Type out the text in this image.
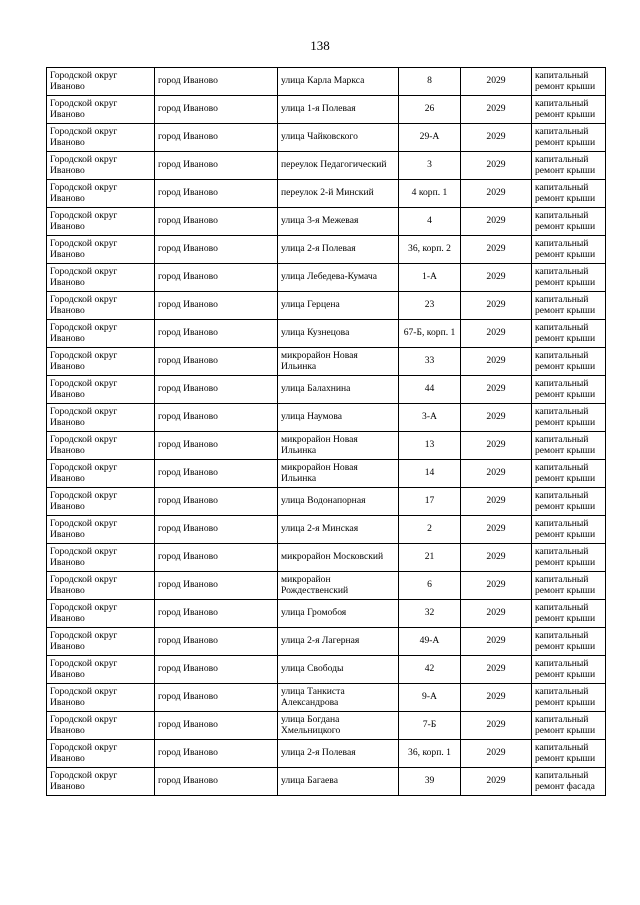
138
Городской округ Иваново	город Иваново	улица Карла Маркса	8	2029	капитальный ремонт крыши
Городской округ Иваново	город Иваново	улица 1-я Полевая	26	2029	капитальный ремонт крыши
Городской округ Иваново	город Иваново	улица Чайковского	29-А	2029	капитальный ремонт крыши
Городской округ Иваново	город Иваново	переулок Педагогический	3	2029	капитальный ремонт крыши
Городской округ Иваново	город Иваново	переулок 2-й Минский	4 корп. 1	2029	капитальный ремонт крыши
Городской округ Иваново	город Иваново	улица 3-я Межевая	4	2029	капитальный ремонт крыши
Городской округ Иваново	город Иваново	улица 2-я Полевая	36, корп. 2	2029	капитальный ремонт крыши
Городской округ Иваново	город Иваново	улица Лебедева-Кумача	1-А	2029	капитальный ремонт крыши
Городской округ Иваново	город Иваново	улица Герцена	23	2029	капитальный ремонт крыши
Городской округ Иваново	город Иваново	улица Кузнецова	67-Б, корп. 1	2029	капитальный ремонт крыши
Городской округ Иваново	город Иваново	микрорайон Новая Ильинка	33	2029	капитальный ремонт крыши
Городской округ Иваново	город Иваново	улица Балахнина	44	2029	капитальный ремонт крыши
Городской округ Иваново	город Иваново	улица Наумова	3-А	2029	капитальный ремонт крыши
Городской округ Иваново	город Иваново	микрорайон Новая Ильинка	13	2029	капитальный ремонт крыши
Городской округ Иваново	город Иваново	микрорайон Новая Ильинка	14	2029	капитальный ремонт крыши
Городской округ Иваново	город Иваново	улица Водонапорная	17	2029	капитальный ремонт крыши
Городской округ Иваново	город Иваново	улица 2-я Минская	2	2029	капитальный ремонт крыши
Городской округ Иваново	город Иваново	микрорайон Московский	21	2029	капитальный ремонт крыши
Городской округ Иваново	город Иваново	микрорайон Рождественский	6	2029	капитальный ремонт крыши
Городской округ Иваново	город Иваново	улица Громобоя	32	2029	капитальный ремонт крыши
Городской округ Иваново	город Иваново	улица 2-я Лагерная	49-А	2029	капитальный ремонт крыши
Городской округ Иваново	город Иваново	улица Свободы	42	2029	капитальный ремонт крыши
Городской округ Иваново	город Иваново	улица Танкиста Александрова	9-А	2029	капитальный ремонт крыши
Городской округ Иваново	город Иваново	улица Богдана Хмельницкого	7-Б	2029	капитальный ремонт крыши
Городской округ Иваново	город Иваново	улица 2-я Полевая	36, корп. 1	2029	капитальный ремонт крыши
Городской округ Иваново	город Иваново	улица Багаева	39	2029	капитальный ремонт фасада
